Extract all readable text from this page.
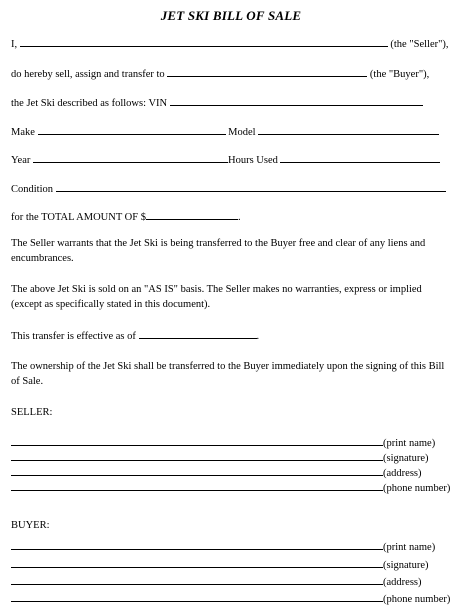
JET SKI BILL OF SALE
I,	(the "Seller"),
do hereby sell, assign and transfer to	(the "Buyer"),
the Jet Ski described as follows: VIN
Make	Model
Year	Hours Used
Condition
for the TOTAL AMOUNT OF $	.
The Seller warrants that the Jet Ski is being transferred to the Buyer free and clear of any liens and encumbrances.
The above Jet Ski is sold on an "AS IS" basis. The Seller makes no warranties, express or implied (except as specifically stated in this document).
This transfer is effective as of	.
The ownership of the Jet Ski shall be transferred to the Buyer immediately upon the signing of this Bill of Sale.
SELLER:
(print name)
(signature)
(address)
(phone number)
BUYER:
(print name)
(signature)
(address)
(phone number)
